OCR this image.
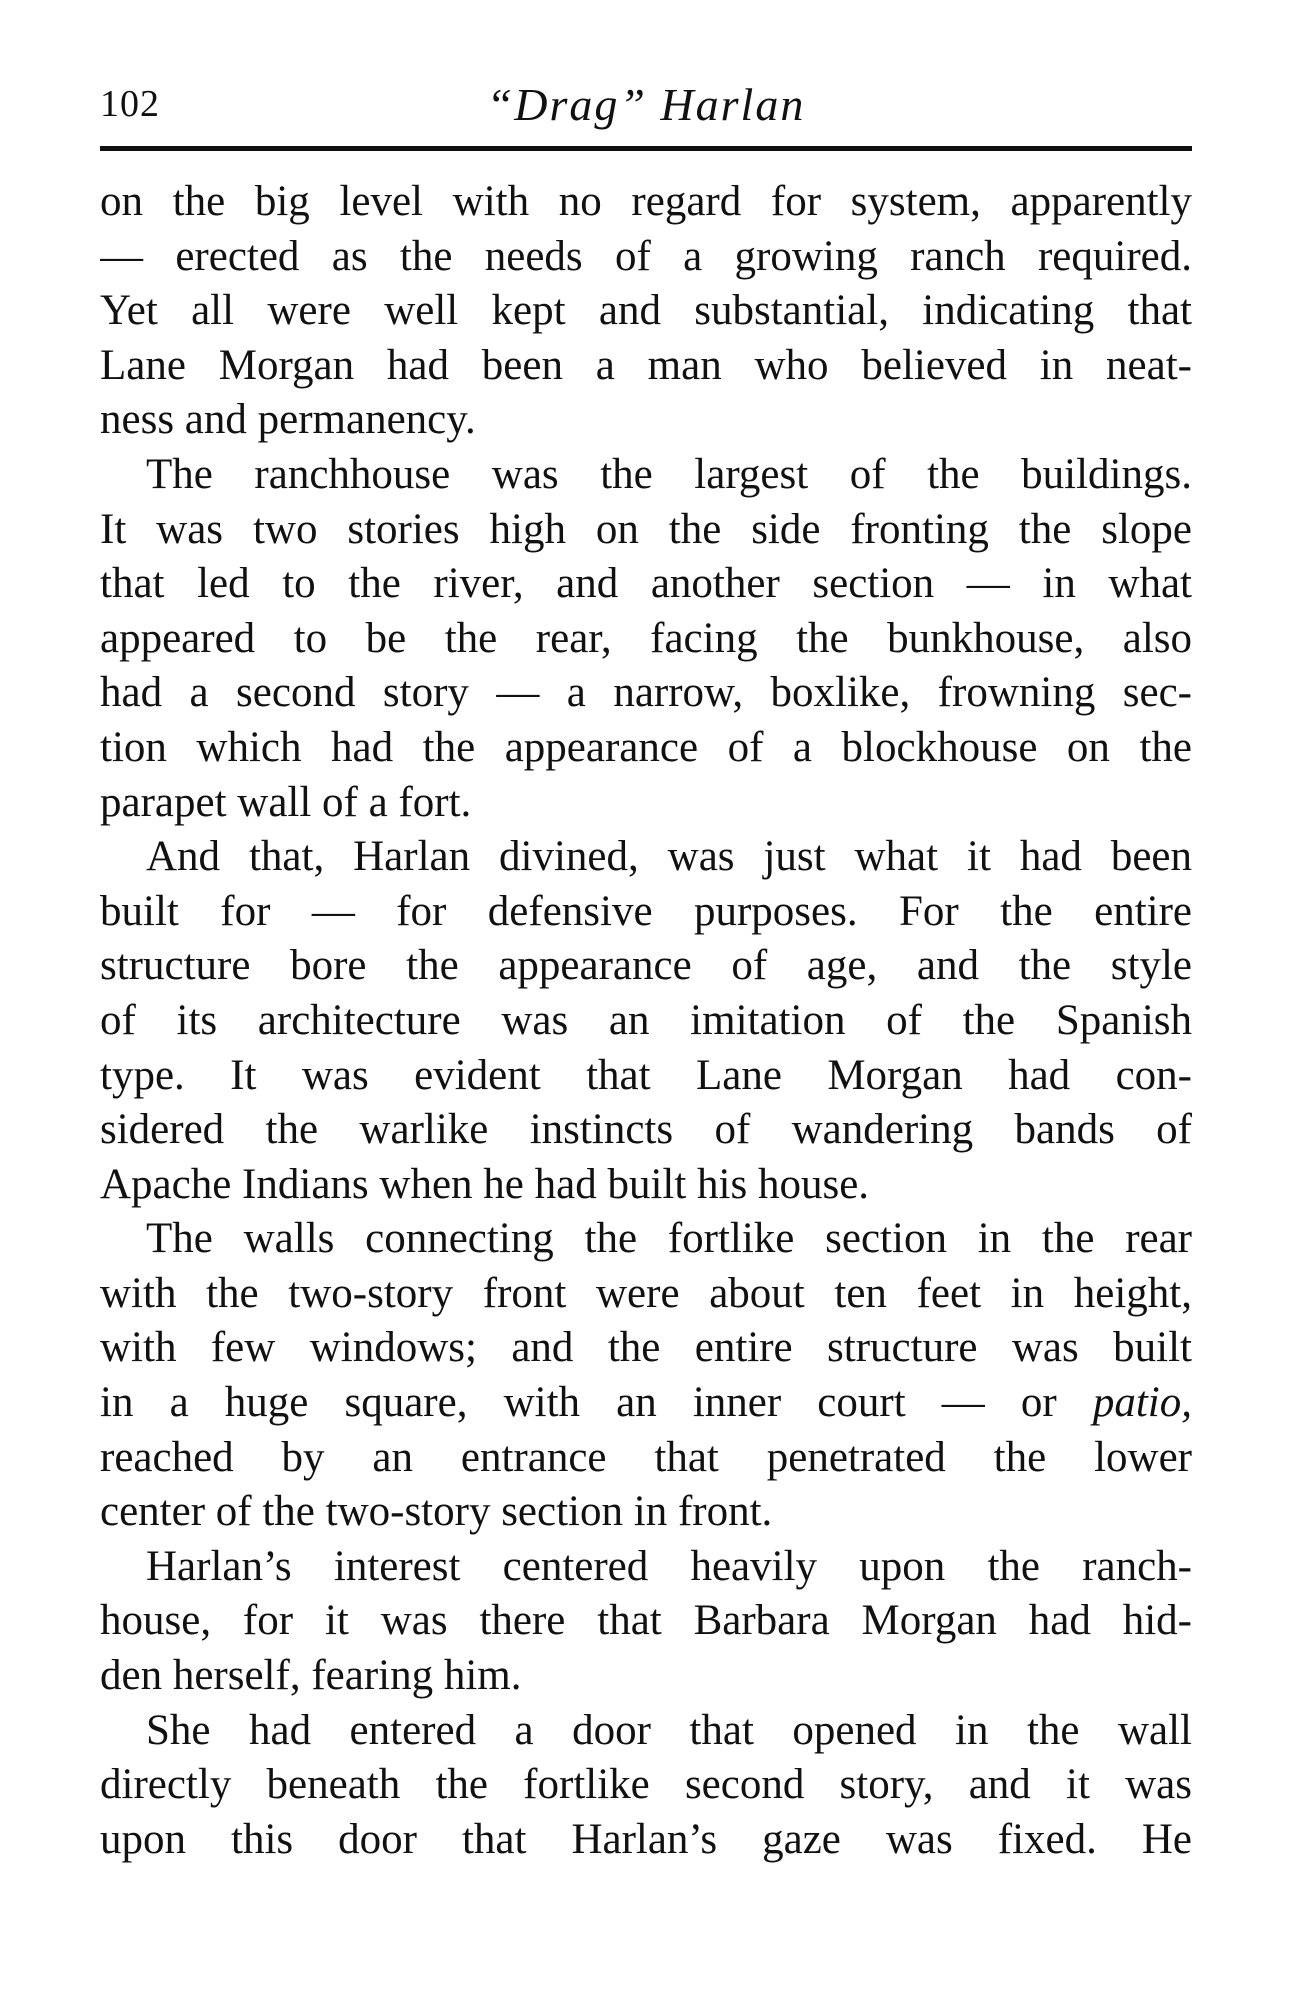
102	“Drag” Harlan
on the big level with no regard for system, apparently
— erected as the needs of a growing ranch required.
Yet all were well kept and substantial, indicating that
Lane Morgan had been a man who believed in neat-
ness and permanency.
The ranchhouse was the largest of the buildings.
It was two stories high on the side fronting the slope
that led to the river, and another section — in what
appeared to be the rear, facing the bunkhouse, also
had a second story — a narrow, boxlike, frowning sec-
tion which had the appearance of a blockhouse on the
parapet wall of a fort.
And that, Harlan divined, was just what it had been
built for — for defensive purposes. For the entire
structure bore the appearance of age, and the style
of its architecture was an imitation of the Spanish
type. It was evident that Lane Morgan had con-
sidered the warlike instincts of wandering bands of
Apache Indians when he had built his house.
The walls connecting the fortlike section in the rear
with the two-story front were about ten feet in height,
with few windows; and the entire structure was built
in a huge square, with an inner court — or patio,
reached by an entrance that penetrated the lower
center of the two-story section in front.
Harlan’s interest centered heavily upon the ranch-
house, for it was there that Barbara Morgan had hid-
den herself, fearing him.
She had entered a door that opened in the wall
directly beneath the fortlike second story, and it was
upon this door that Harlan’s gaze was fixed. He
